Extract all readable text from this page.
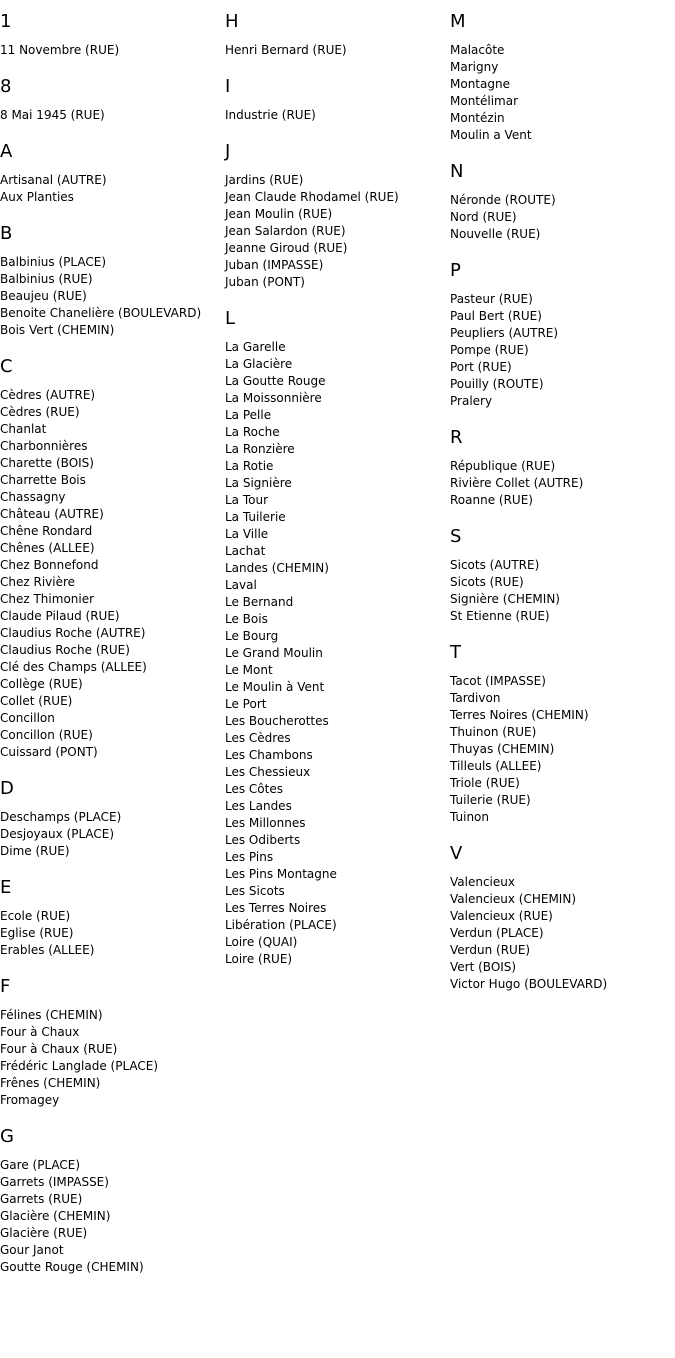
1
11 Novembre (RUE)
8
8 Mai 1945 (RUE)
A
Artisanal (AUTRE)
Aux Planties
B
Balbinius (PLACE)
Balbinius (RUE)
Beaujeu (RUE)
Benoite Chanelière (BOULEVARD)
Bois Vert (CHEMIN)
C
Cèdres (AUTRE)
Cèdres (RUE)
Chanlat
Charbonnières
Charette (BOIS)
Charrette Bois
Chassagny
Château (AUTRE)
Chêne Rondard
Chênes (ALLEE)
Chez Bonnefond
Chez Rivière
Chez Thimonier
Claude Pilaud (RUE)
Claudius Roche (AUTRE)
Claudius Roche (RUE)
Clé des Champs (ALLEE)
Collège (RUE)
Collet (RUE)
Concillon
Concillon (RUE)
Cuissard (PONT)
D
Deschamps (PLACE)
Desjoyaux (PLACE)
Dime (RUE)
E
Ecole (RUE)
Eglise (RUE)
Erables (ALLEE)
F
Félines (CHEMIN)
Four à Chaux
Four à Chaux (RUE)
Frédéric Langlade (PLACE)
Frênes (CHEMIN)
Fromagey
G
Gare (PLACE)
Garrets (IMPASSE)
Garrets (RUE)
Glacière (CHEMIN)
Glacière (RUE)
Gour Janot
Goutte Rouge (CHEMIN)
H
Henri Bernard (RUE)
I
Industrie (RUE)
J
Jardins (RUE)
Jean Claude Rhodamel (RUE)
Jean Moulin (RUE)
Jean Salardon (RUE)
Jeanne Giroud (RUE)
Juban (IMPASSE)
Juban (PONT)
L
La Garelle
La Glacière
La Goutte Rouge
La Moissonnière
La Pelle
La Roche
La Ronzière
La Rotie
La Signière
La Tour
La Tuilerie
La Ville
Lachat
Landes (CHEMIN)
Laval
Le Bernand
Le Bois
Le Bourg
Le Grand Moulin
Le Mont
Le Moulin à Vent
Le Port
Les Boucherottes
Les Cèdres
Les Chambons
Les Chessieux
Les Côtes
Les Landes
Les Millonnes
Les Odiberts
Les Pins
Les Pins Montagne
Les Sicots
Les Terres Noires
Libération (PLACE)
Loire (QUAI)
Loire (RUE)
M
Malacôte
Marigny
Montagne
Montélimar
Montézin
Moulin a Vent
N
Néronde (ROUTE)
Nord (RUE)
Nouvelle (RUE)
P
Pasteur (RUE)
Paul Bert (RUE)
Peupliers (AUTRE)
Pompe (RUE)
Port (RUE)
Pouilly (ROUTE)
Pralery
R
République (RUE)
Rivière Collet (AUTRE)
Roanne (RUE)
S
Sicots (AUTRE)
Sicots (RUE)
Signière (CHEMIN)
St Etienne (RUE)
T
Tacot (IMPASSE)
Tardivon
Terres Noires (CHEMIN)
Thuinon (RUE)
Thuyas (CHEMIN)
Tilleuls (ALLEE)
Triole (RUE)
Tuilerie (RUE)
Tuinon
V
Valencieux
Valencieux (CHEMIN)
Valencieux (RUE)
Verdun (PLACE)
Verdun (RUE)
Vert (BOIS)
Victor Hugo (BOULEVARD)
